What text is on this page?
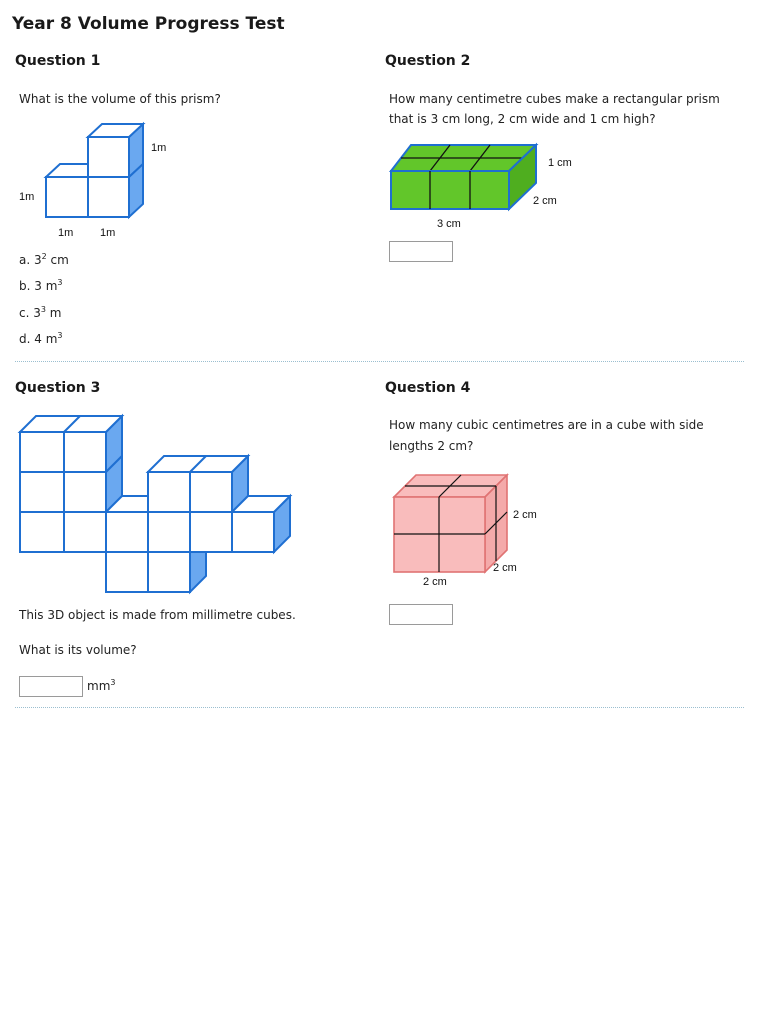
Year 8 Volume Progress Test
Question 1
What is the volume of this prism?
1m
1m
1m 1m
a. $3^2$ cm
b. 3 $m^3$
c. $3^3$ m
d. 4 $m^3$
Question 2
How many centimetre cubes make a rectangular prism
that is 3 cm long, 2 cm wide and 1 cm high?
1 cm
2 cm
3 cm
Question 3
This 3D object is made from millimetre cubes.
What is its volume?
$mm^3$
Question 4
How many cubic centimetres are in a cube with side
lengths 2 cm?
2 cm
2 cm
2 cm
